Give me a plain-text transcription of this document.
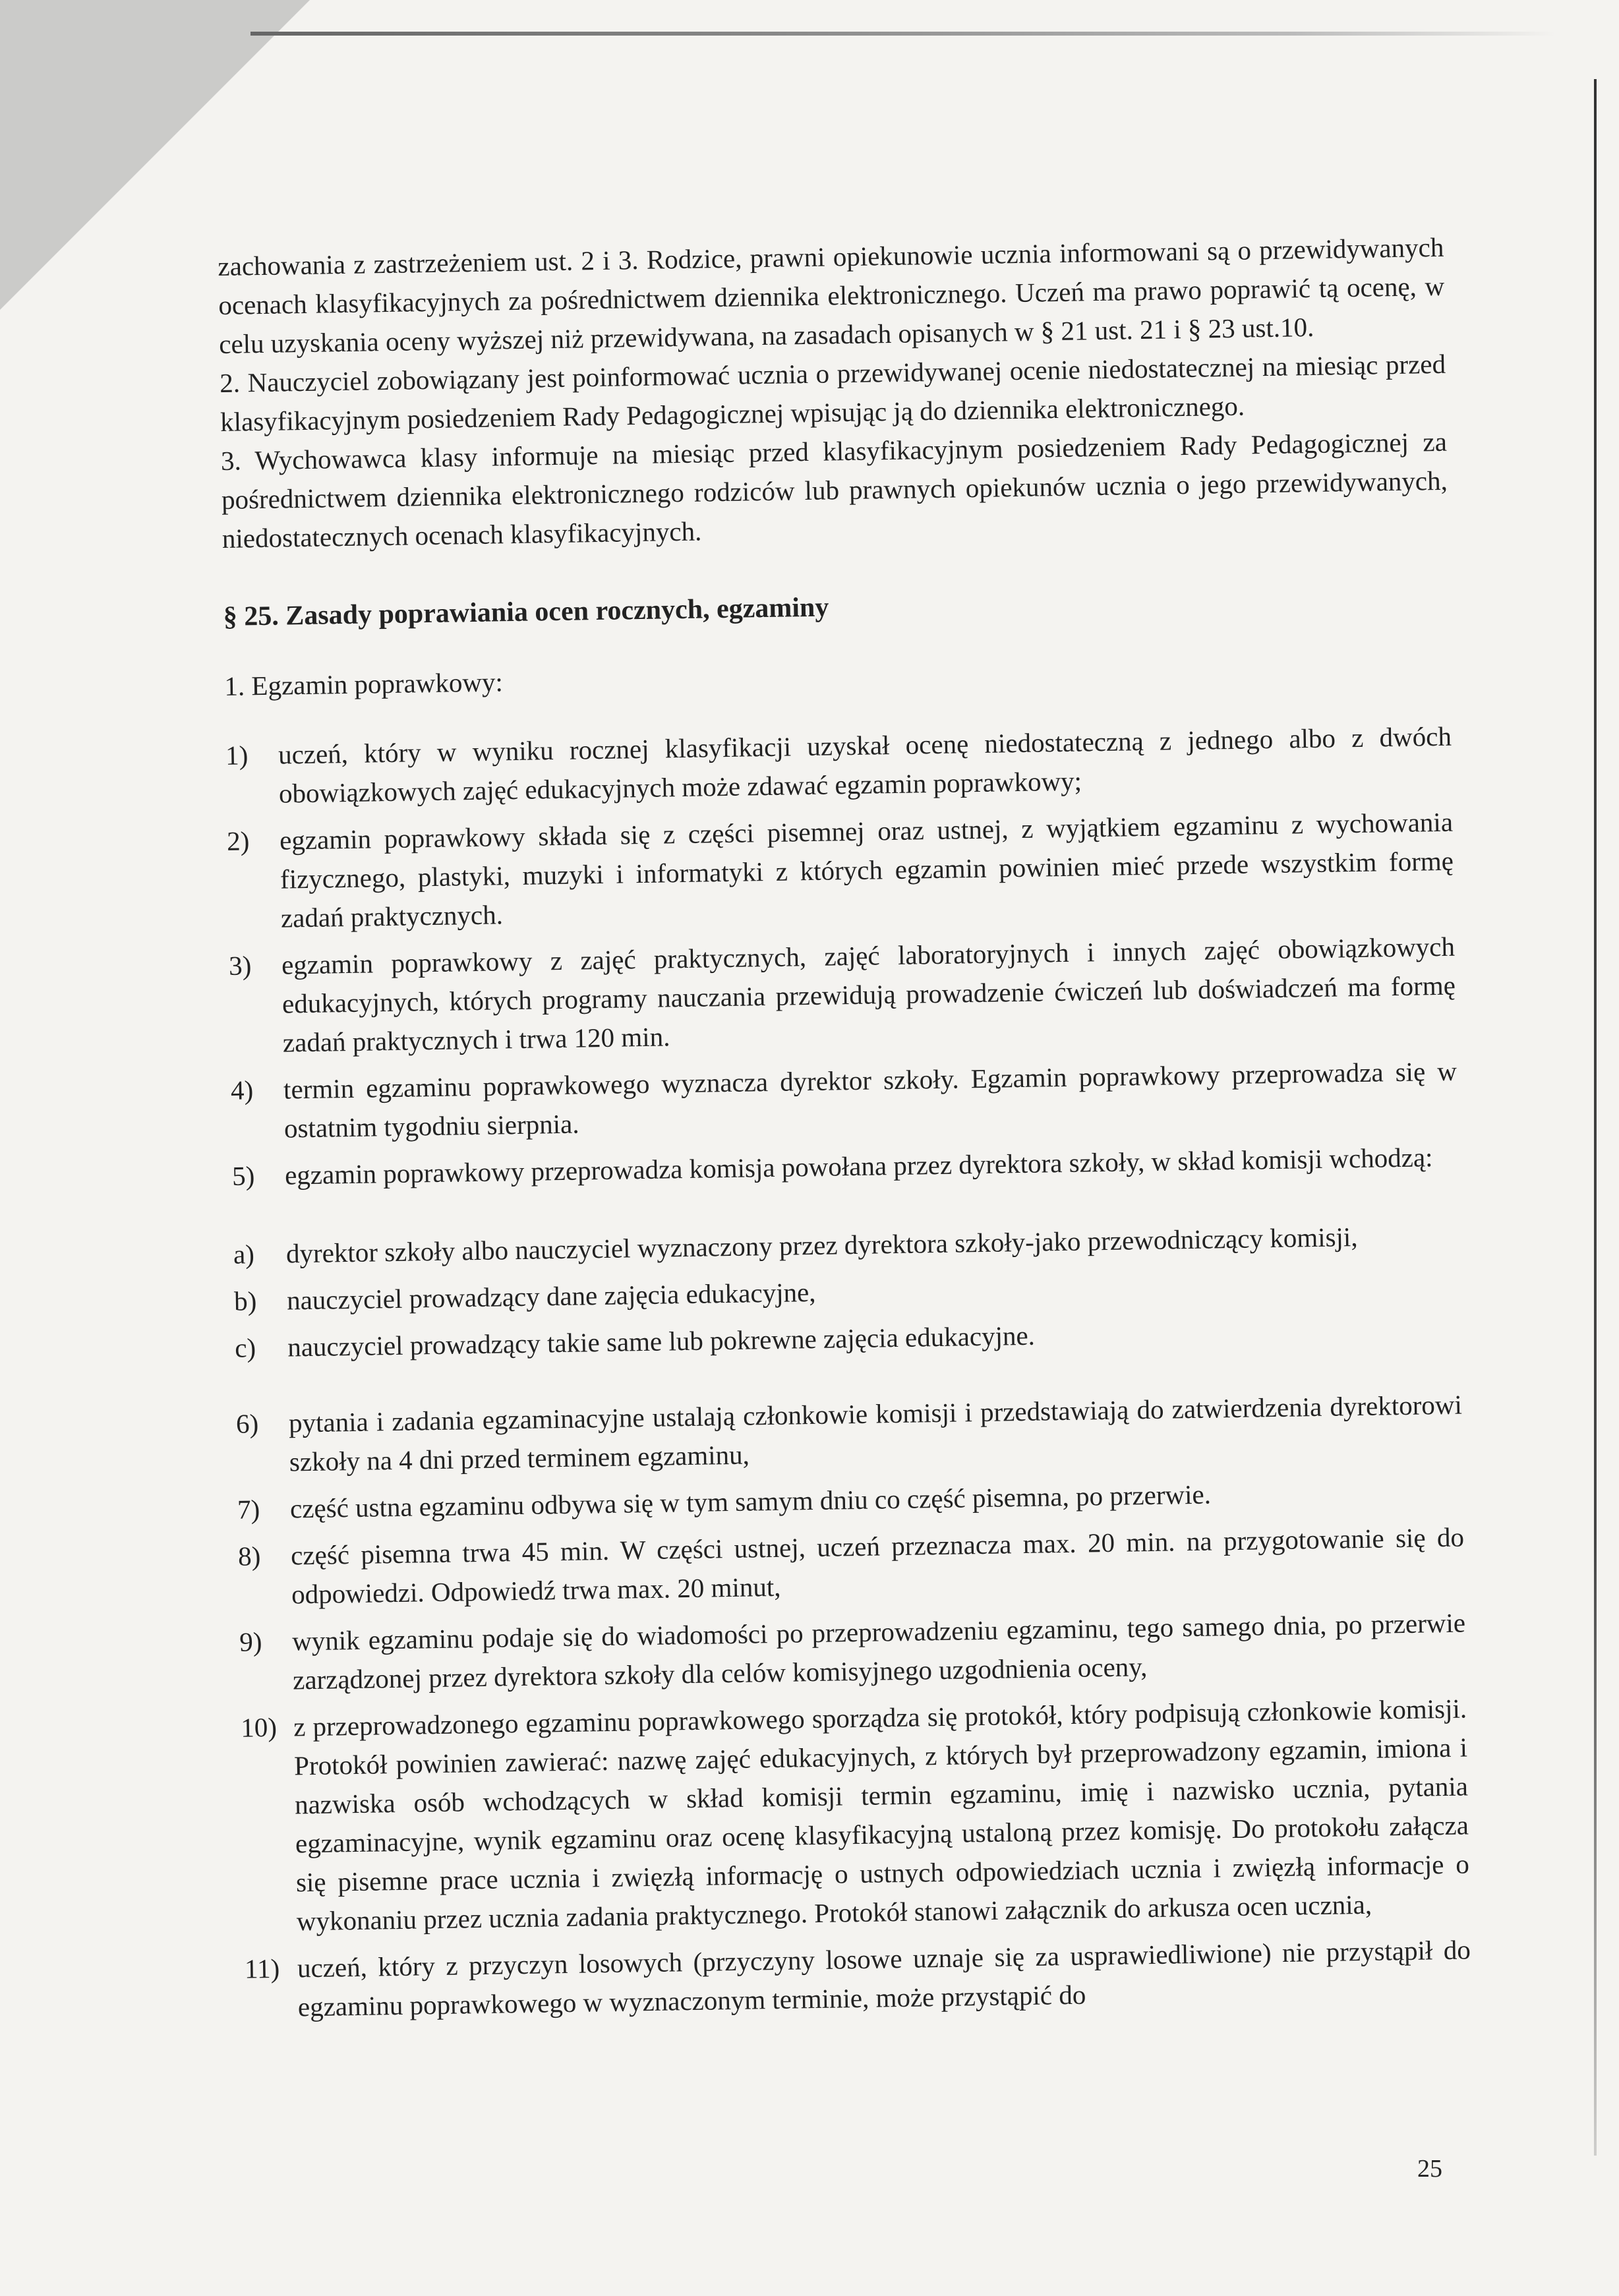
zachowania z zastrzeżeniem ust. 2 i 3. Rodzice, prawni opiekunowie ucznia informowani są o przewidywanych ocenach klasyfikacyjnych za pośrednictwem dziennika elektronicznego. Uczeń ma prawo poprawić tą ocenę, w celu uzyskania oceny wyższej niż przewidywana, na zasadach opisanych w § 21 ust. 21 i § 23 ust.10.

2. Nauczyciel zobowiązany jest poinformować ucznia o przewidywanej ocenie niedostatecznej na miesiąc przed klasyfikacyjnym posiedzeniem Rady Pedagogicznej wpisując ją do dziennika elektronicznego.

3. Wychowawca klasy informuje na miesiąc przed klasyfikacyjnym posiedzeniem Rady Pedagogicznej za pośrednictwem dziennika elektronicznego rodziców lub prawnych opiekunów ucznia o jego przewidywanych, niedostatecznych ocenach klasyfikacyjnych.

§ 25. Zasady poprawiania ocen rocznych, egzaminy
1. Egzamin poprawkowy:
1)	uczeń, który w wyniku rocznej klasyfikacji uzyskał ocenę niedostateczną z jednego albo z dwóch obowiązkowych zajęć edukacyjnych może zdawać egzamin poprawkowy;
2)	egzamin poprawkowy składa się z części pisemnej oraz ustnej, z wyjątkiem egzaminu z wychowania fizycznego, plastyki, muzyki i informatyki z których egzamin powinien mieć przede wszystkim formę zadań praktycznych.
3)	egzamin poprawkowy z zajęć praktycznych, zajęć laboratoryjnych i innych zajęć obowiązkowych edukacyjnych, których programy nauczania przewidują prowadzenie ćwiczeń lub doświadczeń ma formę zadań praktycznych i trwa 120 min.
4)	termin egzaminu poprawkowego wyznacza dyrektor szkoły. Egzamin poprawkowy przeprowadza się w ostatnim tygodniu sierpnia.
5)	egzamin poprawkowy przeprowadza komisja powołana przez dyrektora szkoły, w skład komisji wchodzą:
a)	dyrektor szkoły albo nauczyciel wyznaczony przez dyrektora szkoły-jako przewodniczący komisji,
b)	nauczyciel prowadzący dane zajęcia edukacyjne,
c)	nauczyciel prowadzący takie same lub pokrewne zajęcia edukacyjne.
6)	pytania i zadania egzaminacyjne ustalają członkowie komisji i przedstawiają do zatwierdzenia dyrektorowi szkoły na 4 dni przed terminem egzaminu,
7)	część ustna egzaminu odbywa się w tym samym dniu co część pisemna, po przerwie.
8)	część pisemna trwa 45 min. W części ustnej, uczeń przeznacza max. 20 min. na przygotowanie się do odpowiedzi. Odpowiedź trwa max. 20 minut,
9)	wynik egzaminu podaje się do wiadomości po przeprowadzeniu egzaminu, tego samego dnia, po przerwie zarządzonej przez dyrektora szkoły dla celów komisyjnego uzgodnienia oceny,
10) z przeprowadzonego egzaminu poprawkowego sporządza się protokół, który podpisują członkowie komisji. Protokół powinien zawierać: nazwę zajęć edukacyjnych, z których był przeprowadzony egzamin, imiona i nazwiska osób wchodzących w skład komisji termin egzaminu, imię i nazwisko ucznia, pytania egzaminacyjne, wynik egzaminu oraz ocenę klasyfikacyjną ustaloną przez komisję. Do protokołu załącza się pisemne prace ucznia i zwięzłą informację o ustnych odpowiedziach ucznia i zwięzłą informacje o wykonaniu przez ucznia zadania praktycznego. Protokół stanowi załącznik do arkusza ocen ucznia,
11) uczeń, który z przyczyn losowych (przyczyny losowe uznaje się za usprawiedliwione) nie przystąpił do egzaminu poprawkowego w wyznaczonym terminie, może przystąpić do
25
